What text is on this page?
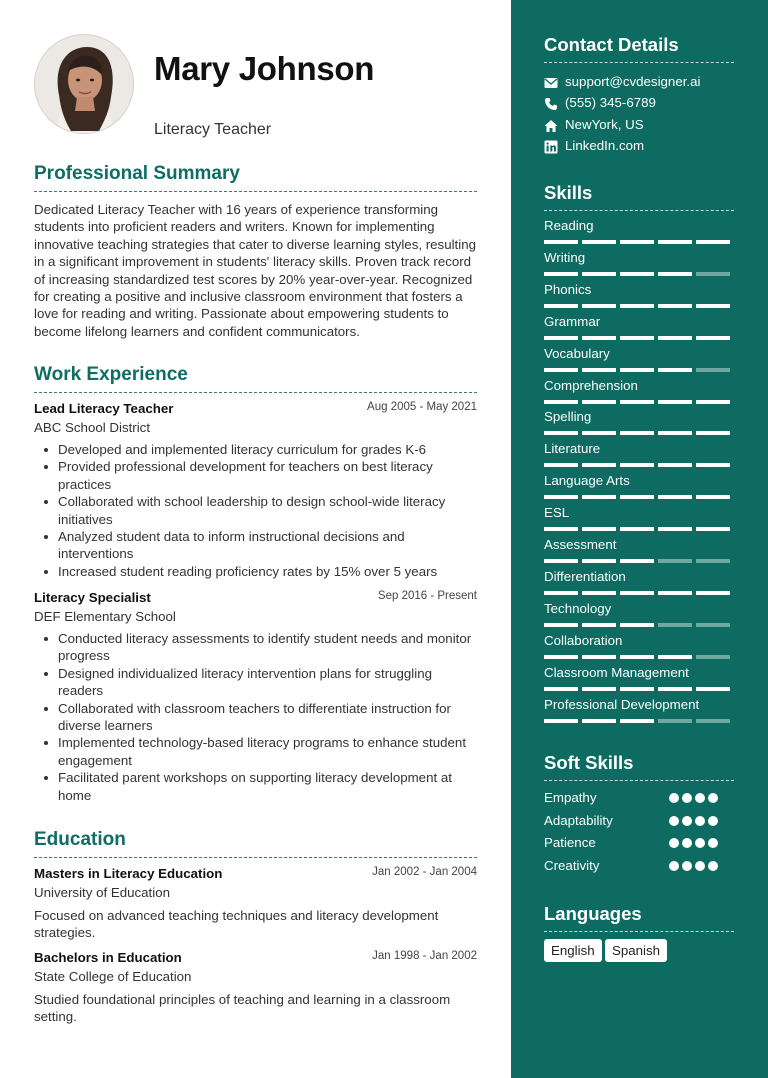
Mary Johnson
Literacy Teacher
Professional Summary
Dedicated Literacy Teacher with 16 years of experience transforming students into proficient readers and writers. Known for implementing innovative teaching strategies that cater to diverse learning styles, resulting in a significant improvement in students' literacy skills. Proven track record of increasing standardized test scores by 20% year-over-year. Recognized for creating a positive and inclusive classroom environment that fosters a love for reading and writing. Passionate about empowering students to become lifelong learners and confident communicators.
Work Experience
Lead Literacy Teacher	Aug 2005 - May 2021
ABC School District
Developed and implemented literacy curriculum for grades K-6
Provided professional development for teachers on best literacy practices
Collaborated with school leadership to design school-wide literacy initiatives
Analyzed student data to inform instructional decisions and interventions
Increased student reading proficiency rates by 15% over 5 years
Literacy Specialist	Sep 2016 - Present
DEF Elementary School
Conducted literacy assessments to identify student needs and monitor progress
Designed individualized literacy intervention plans for struggling readers
Collaborated with classroom teachers to differentiate instruction for diverse learners
Implemented technology-based literacy programs to enhance student engagement
Facilitated parent workshops on supporting literacy development at home
Education
Masters in Literacy Education	Jan 2002 - Jan 2004
University of Education
Focused on advanced teaching techniques and literacy development strategies.
Bachelors in Education	Jan 1998 - Jan 2002
State College of Education
Studied foundational principles of teaching and learning in a classroom setting.
Contact Details
support@cvdesigner.ai
(555) 345-6789
NewYork, US
LinkedIn.com
Skills
Reading
Writing
Phonics
Grammar
Vocabulary
Comprehension
Spelling
Literature
Language Arts
ESL
Assessment
Differentiation
Technology
Collaboration
Classroom Management
Professional Development
Soft Skills
Empathy
Adaptability
Patience
Creativity
Languages
English	Spanish
